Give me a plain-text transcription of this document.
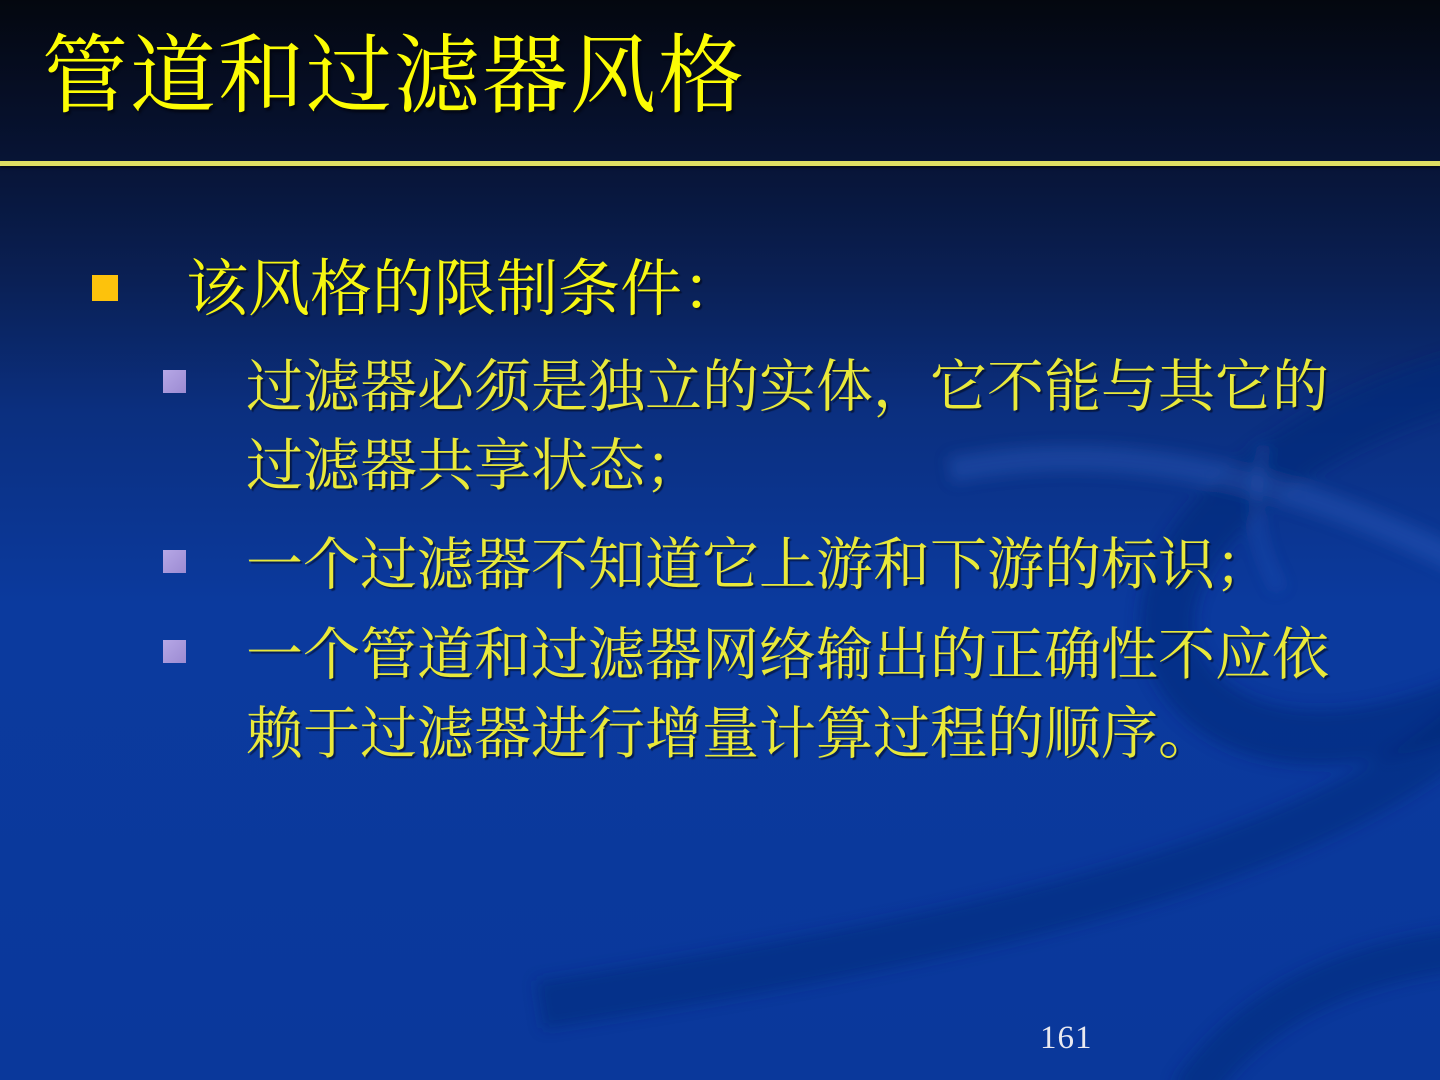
管道和过滤器风格
该风格的限制条件：
过滤器必须是独立的实体，它不能与其它的
过滤器共享状态；
一个过滤器不知道它上游和下游的标识；
一个管道和过滤器网络输出的正确性不应依
赖于过滤器进行增量计算过程的顺序。
161
